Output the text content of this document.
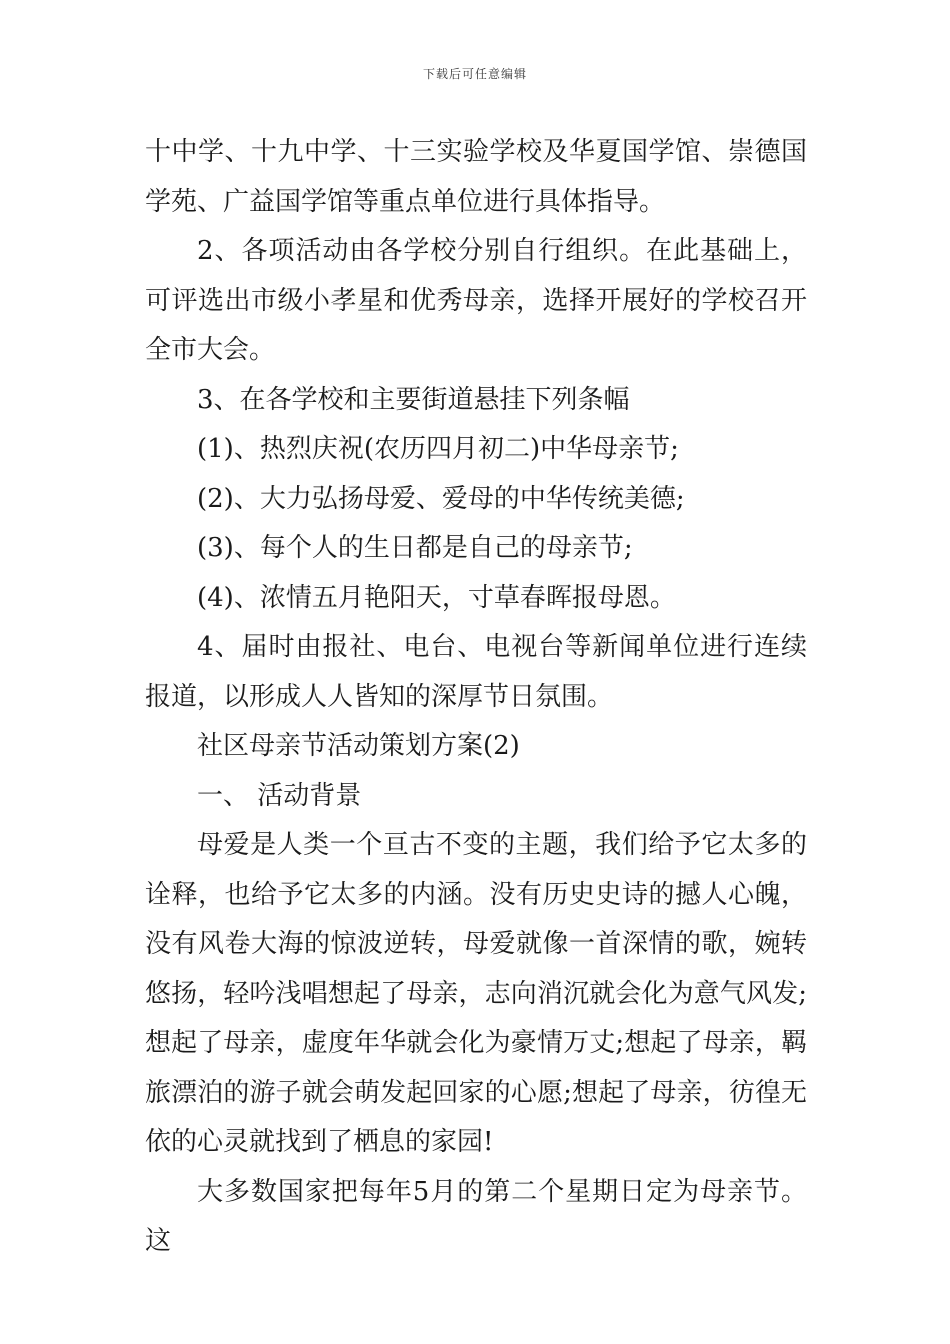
下载后可任意编辑

十中学、十九中学、十三实验学校及华夏国学馆、崇德国学苑、广益国学馆等重点单位进行具体指导。

2、各项活动由各学校分别自行组织。在此基础上，可评选出市级小孝星和优秀母亲，选择开展好的学校召开全市大会。

3、在各学校和主要街道悬挂下列条幅

(1)、热烈庆祝(农历四月初二)中华母亲节;

(2)、大力弘扬母爱、爱母的中华传统美德;

(3)、每个人的生日都是自己的母亲节;

(4)、浓情五月艳阳天，寸草春晖报母恩。

4、届时由报社、电台、电视台等新闻单位进行连续报道，以形成人人皆知的深厚节日氛围。

社区母亲节活动策划方案(2)

一、 活动背景

母爱是人类一个亘古不变的主题，我们给予它太多的诠释，也给予它太多的内涵。没有历史史诗的撼人心魄，没有风卷大海的惊波逆转，母爱就像一首深情的歌，婉转悠扬，轻吟浅唱想起了母亲，志向消沉就会化为意气风发;想起了母亲，虚度年华就会化为豪情万丈;想起了母亲，羁旅漂泊的游子就会萌发起回家的心愿;想起了母亲，彷徨无依的心灵就找到了栖息的家园!

大多数国家把每年5月的第二个星期日定为母亲节。这
